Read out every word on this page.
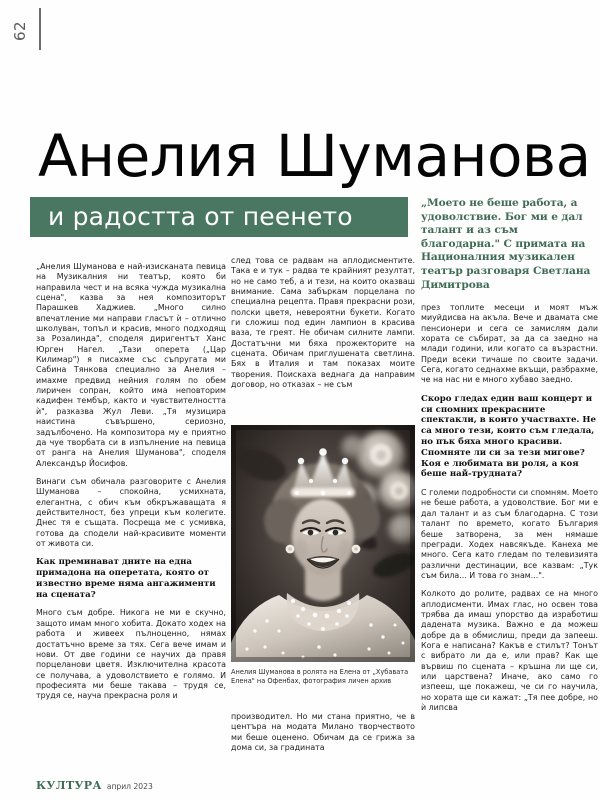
62
Анелия Шуманова
и радостта от пеенето	„Моето не беше работа, а удоволствие. Бог ми е дал талант и аз съм благодарна." С примата на Националния музикален театър разговаря Светлана Димитрова

„Анелия Шуманова е най-изисканата певица на Музикалния ни театър, която би направила чест и на всяка чужда музикална сцена", казва за нея композиторът Парашкев Хаджиев. „Много силно впечатление ми направи гласът ѝ – отлично школуван, топъл и красив, много подходящ за Розалинда", споделя диригентът Ханс Юрген Нагел. „Тази оперета („Цар Килимар") я писахме със съпругата ми Сабина Тянкова специално за Анелия – имахме предвид нейния голям по обем лиричен сопран, който има неповторим кадифен тембър, както и чувствителността ѝ", разказва Жул Леви. „Тя музицира наистина съвършено, сериозно, задълбочено. На композитора му е приятно да чуе творбата си в изпълнение на певица от ранга на Анелия Шуманова", споделя Александър Йосифов.

Винаги съм обичала разговорите с Анелия Шуманова – спокойна, усмихната, елегантна, с обич към обкръжаващата я действителност, без упреци към колегите. Днес тя е същата. Посреща ме с усмивка, готова да сподели най-красивите моменти от живота си.

Как преминават дните на една примадона на оперетата, която от известно време няма ангажименти на сцената?

Много съм добре. Никога не ми е скучно, защото имам много хобита. Докато ходех на работа и живеех пълноценно, нямах достатъчно време за тях. Сега вече имам и нови. От две години се научих да правя порцеланови цветя. Изключителна красота се получава, а удоволствието е голямо. И професията ми беше такава – трудя се, трудя се, науча прекрасна роля и

след това се радвам на аплодисментите. Така е и тук – радва те крайният резултат, но не само теб, а и тези, на които оказваш внимание. Сама забъркам порцелана по специална рецепта. Правя прекрасни рози, полски цветя, невероятни букети. Когато ги сложиш под един лампион в красива ваза, те греят. Не обичам силните лампи. Достатъчни ми бяха прожекторите на сцената. Обичам приглушената светлина. Бях в Италия и там показах моите творения. Поискаха веднага да направим договор, но отказах – не съм

Анелия Шуманова в ролята на Елена от „Хубавата Елена" на Офенбах, фотография личен архив

производител. Но ми стана приятно, че в центъра на модата Милано творчеството ми беше оценено. Обичам да се грижа за дома си, за градината

през топлите месеци и моят мъж миуйдисва на акъла. Вече и двамата сме пенсионери и сега се замислям дали хората се събират, за да са заедно на млади години, или когато са възрастни. Преди всеки тичаше по своите задачи. Сега, когато седнахме вкъщи, разбрахме, че на нас ни е много хубаво заедно.

Скоро гледах един ваш концерт и си спомних прекрасните спектакли, в които участвахте. Не са много тези, които съм гледала, но пък бяха много красиви. Спомняте ли си за тези мигове? Коя е любимата ви роля, а коя беше най-трудната?

С големи подробности си спомням. Моето не беше работа, а удоволствие. Бог ми е дал талант и аз съм благодарна. С този талант по времето, когато България беше затворена, за мен нямаше прегради. Ходех навсякъде. Канеха ме много. Сега като гледам по телевизията различни дестинации, все казвам: „Тук съм била... И това го знам...".

Колкото до ролите, радвах се на много аплодисменти. Имах глас, но освен това трябва да имаш упорство да изработиш дадената музика. Важно е да можеш добре да в обмислиш, преди да запееш. Кога е написана? Какъв е стилът? Тонът с вибрато ли да е, или прав? Как ще вървиш по сцената – кръшна ли ще си, или царствена? Иначе, ако само го изпееш, ще покажеш, че си го научила, но хората ще си кажат: „Тя пее добре, но ѝ липсва

КУЛТУРА април 2023
